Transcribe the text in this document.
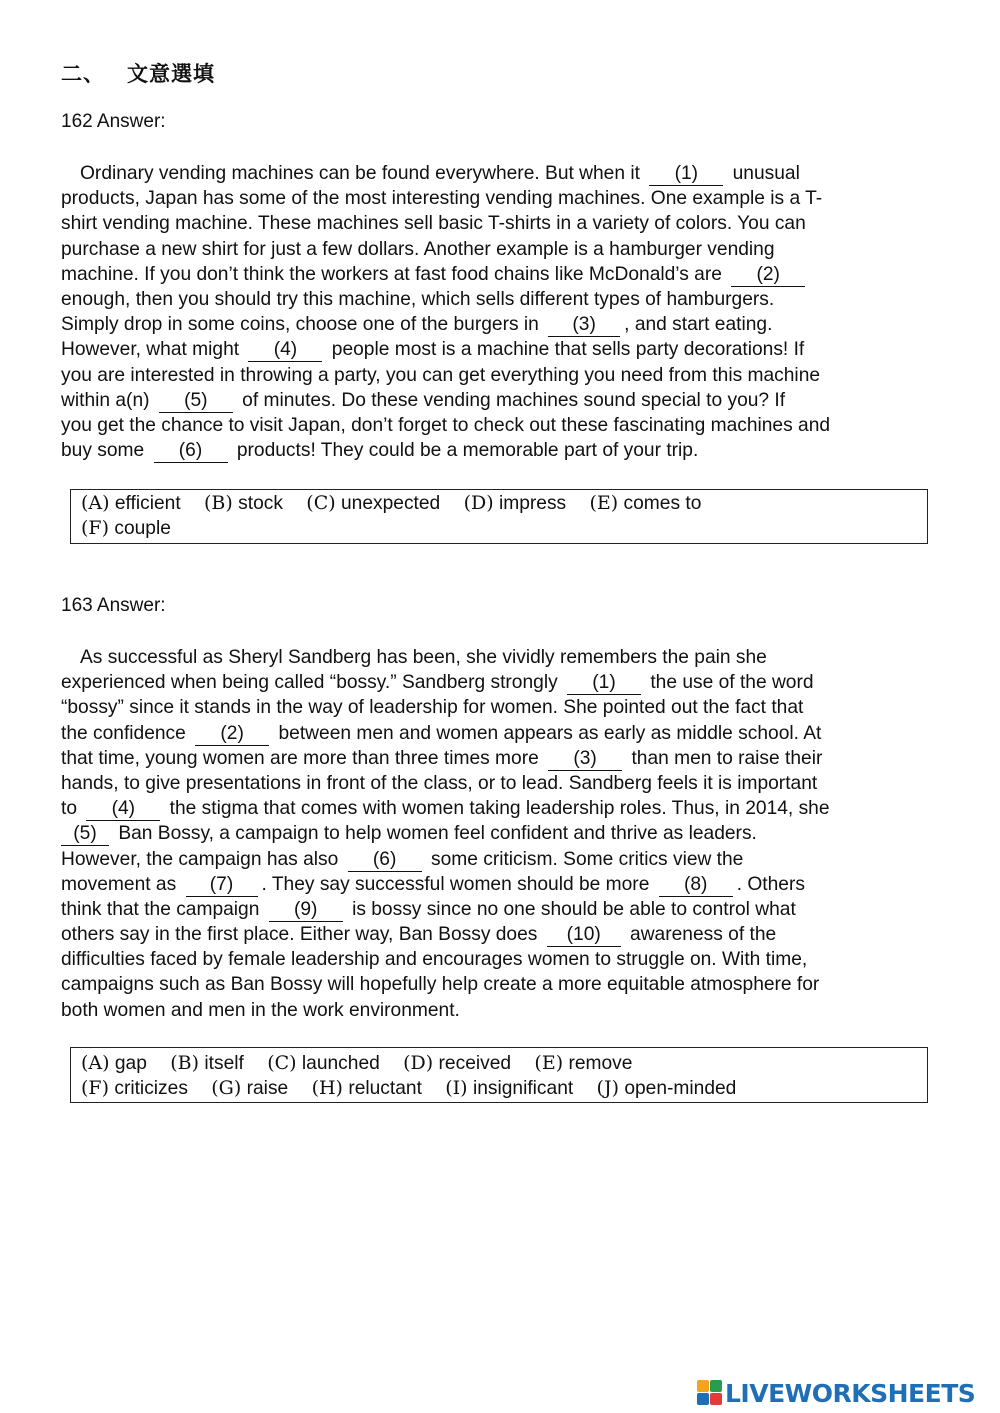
二、 文意選填
162 Answer:
Ordinary vending machines can be found everywhere. But when it (1) unusual
products, Japan has some of the most interesting vending machines. One example is a T-
shirt vending machine. These machines sell basic T-shirts in a variety of colors. You can
purchase a new shirt for just a few dollars. Another example is a hamburger vending
machine. If you don’t think the workers at fast food chains like McDonald’s are (2)
enough, then you should try this machine, which sells different types of hamburgers.
Simply drop in some coins, choose one of the burgers in (3) , and start eating.
However, what might (4) people most is a machine that sells party decorations! If
you are interested in throwing a party, you can get everything you need from this machine
within a(n) (5) of minutes. Do these vending machines sound special to you? If
you get the chance to visit Japan, don’t forget to check out these fascinating machines and
buy some (6) products! They could be a memorable part of your trip.
(A) efficient (B) stock (C) unexpected (D) impress (E) comes to
(F) couple
163 Answer:
As successful as Sheryl Sandberg has been, she vividly remembers the pain she
experienced when being called “bossy.” Sandberg strongly (1) the use of the word
“bossy” since it stands in the way of leadership for women. She pointed out the fact that
the confidence (2) between men and women appears as early as middle school. At
that time, young women are more than three times more (3) than men to raise their
hands, to give presentations in front of the class, or to lead. Sandberg feels it is important
to (4) the stigma that comes with women taking leadership roles. Thus, in 2014, she
(5) Ban Bossy, a campaign to help women feel confident and thrive as leaders.
However, the campaign has also (6) some criticism. Some critics view the
movement as (7) . They say successful women should be more (8) . Others
think that the campaign (9) is bossy since no one should be able to control what
others say in the first place. Either way, Ban Bossy does (10) awareness of the
difficulties faced by female leadership and encourages women to struggle on. With time,
campaigns such as Ban Bossy will hopefully help create a more equitable atmosphere for
both women and men in the work environment.
(A) gap (B) itself (C) launched (D) received (E) remove
(F) criticizes (G) raise (H) reluctant (I) insignificant (J) open-minded
LIVEWORKSHEETS
